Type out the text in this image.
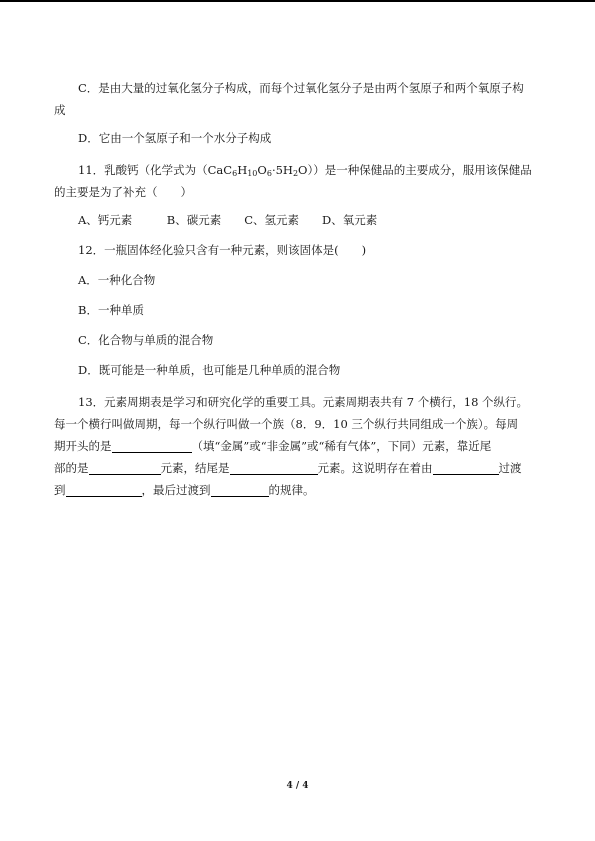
C．是由大量的过氧化氢分子构成，而每个过氧化氢分子是由两个氢原子和两个氧原子构
成
D．它由一个氢原子和一个水分子构成
11．乳酸钙（化学式为$(CaC_6H_{10}O_6\cdot 5H_2O)$）是一种保健品的主要成分，服用该保健品
的主要是为了补充（　　）
A、钙元素　　　B、碳元素　　C、氢元素　　D、氧元素
12．一瓶固体经化验只含有一种元素，则该固体是(　　)
A．一种化合物
B．一种单质
C．化合物与单质的混合物
D．既可能是一种单质，也可能是几种单质的混合物
13．元素周期表是学习和研究化学的重要工具。元素周期表共有 7 个横行，18 个纵行。
每一个横行叫做周期，每一个纵行叫做一个族（8．9．10 三个纵行共同组成一个族）。每周
期开头的是	（填“金属”或“非金属”或“稀有气体”，下同）元素，靠近尾
部的是	元素，结尾是	元素。这说明存在着由	过渡
到	，最后过渡到	的规律。
4 / 4
